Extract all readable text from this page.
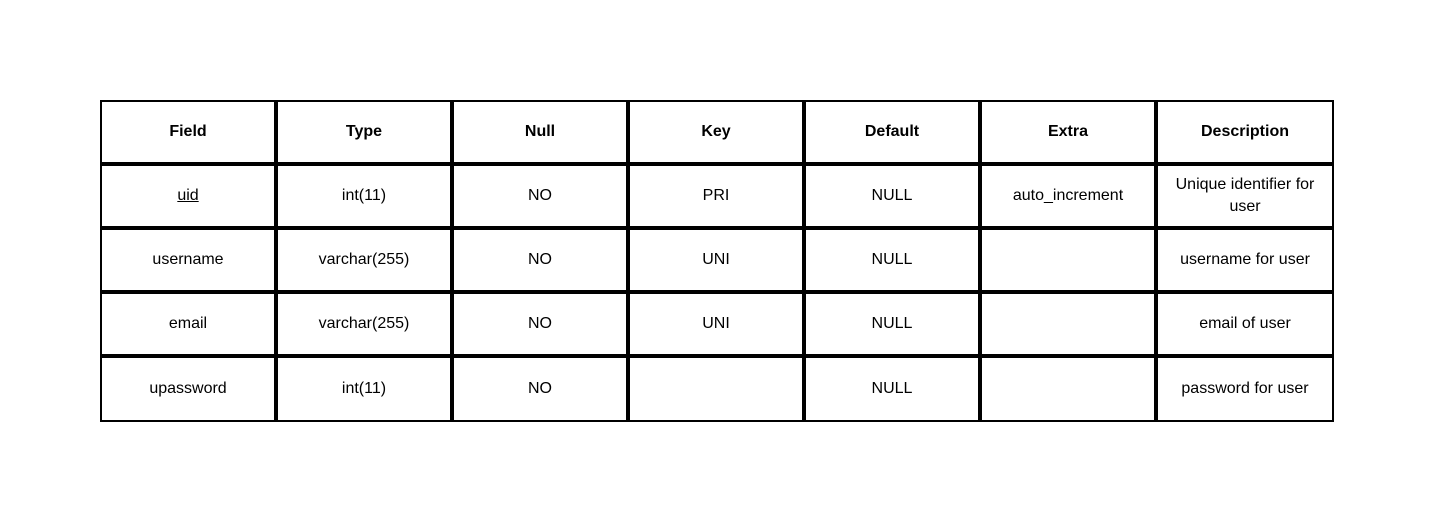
Field	Type	Null	Key	Default	Extra	Description
uid	int(11)	NO	PRI	NULL	auto_increment	Unique identifier for user
username	varchar(255)	NO	UNI	NULL		username for user
email	varchar(255)	NO	UNI	NULL		email of user
upassword	int(11)	NO		NULL		password for user
